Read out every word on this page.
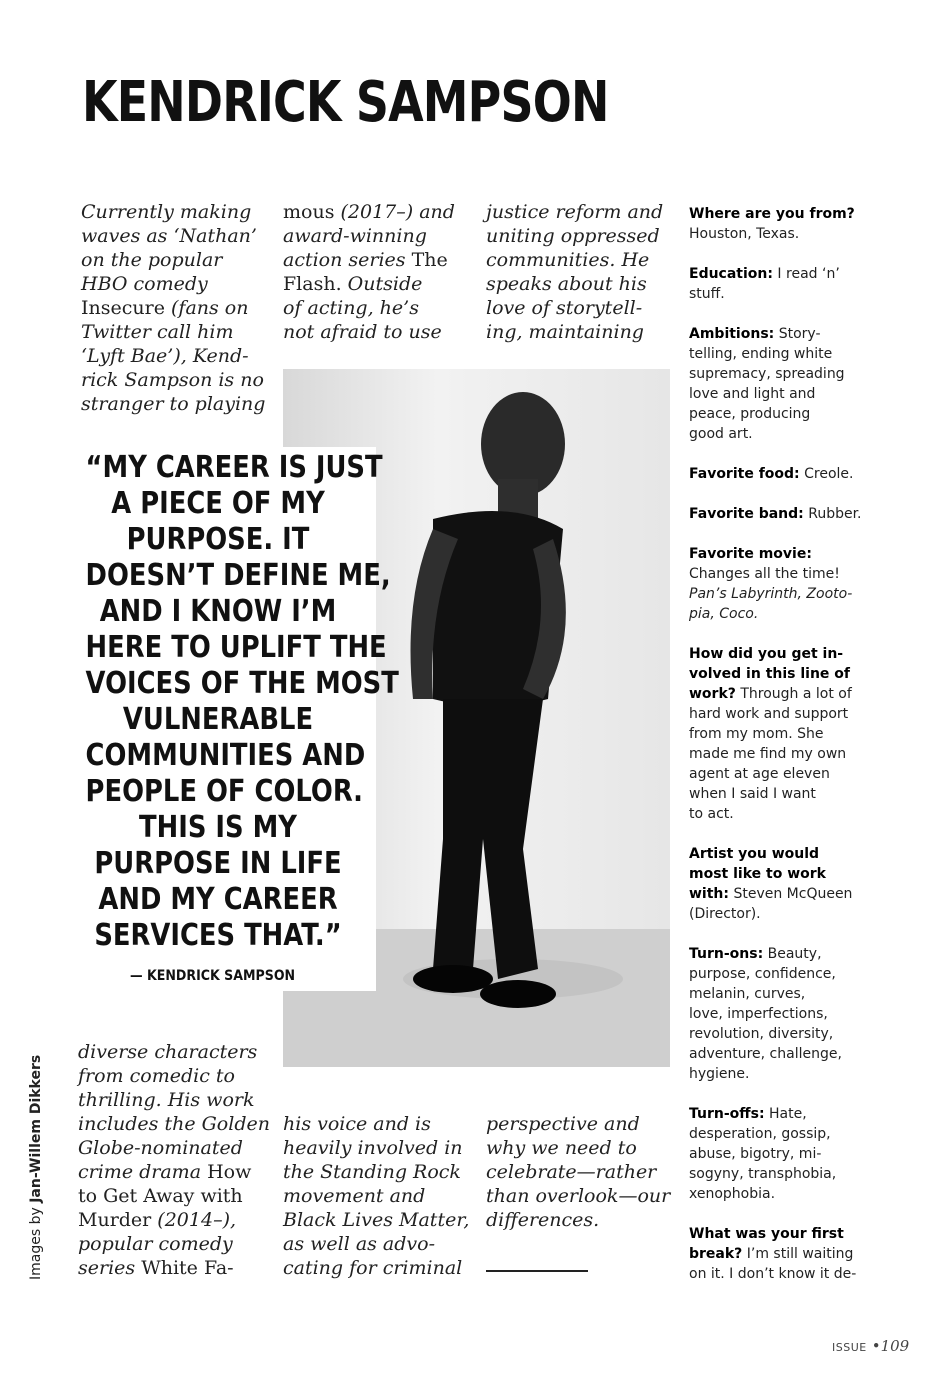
KENDRICK SAMPSON
Currently making
waves as ‘Nathan’
on the popular
HBO comedy
Insecure (fans on
Twitter call him
‘Lyft Bae’), Kend-
rick Sampson is no
stranger to playing
mous (2017–) and
award-winning
action series The
Flash. Outside
of acting, he’s
not afraid to use
justice reform and
uniting oppressed
communities. He
speaks about his
love of storytell-
ing, maintaining
“MY CAREER IS JUST
A PIECE OF MY
PURPOSE. IT
DOESN’T DEFINE ME,
AND I KNOW I’M
HERE TO UPLIFT THE
VOICES OF THE MOST
VULNERABLE
COMMUNITIES AND
PEOPLE OF COLOR.
THIS IS MY
PURPOSE IN LIFE
AND MY CAREER
SERVICES THAT.”
— KENDRICK SAMPSON
diverse characters
from comedic to
thrilling. His work
includes the Golden
Globe-nominated
crime drama How
to Get Away with
Murder (2014–),
popular comedy
series White Fa-
his voice and is
heavily involved in
the Standing Rock
movement and
Black Lives Matter,
as well as advo-
cating for criminal
perspective and
why we need to
celebrate—rather
than overlook—our
differences.
Images by Jan-Willem Dikkers
Where are you from?
Houston, Texas.
Education: I read ‘n’
stuff.
Ambitions: Story-
telling, ending white
supremacy, spreading
love and light and
peace, producing
good art.
Favorite food: Creole.
Favorite band: Rubber.
Favorite movie:
Changes all the time!
Pan’s Labyrinth, Zooto-
pia, Coco.
How did you get in-
volved in this line of
work? Through a lot of
hard work and support
from my mom. She
made me find my own
agent at age eleven
when I said I want
to act.
Artist you would
most like to work
with: Steven McQueen
(Director).
Turn-ons: Beauty,
purpose, confidence,
melanin, curves,
love, imperfections,
revolution, diversity,
adventure, challenge,
hygiene.
Turn-offs: Hate,
desperation, gossip,
abuse, bigotry, mi-
sogyny, transphobia,
xenophobia.
What was your first
break? I’m still waiting
on it. I don’t know it de-
ISSUE •109
